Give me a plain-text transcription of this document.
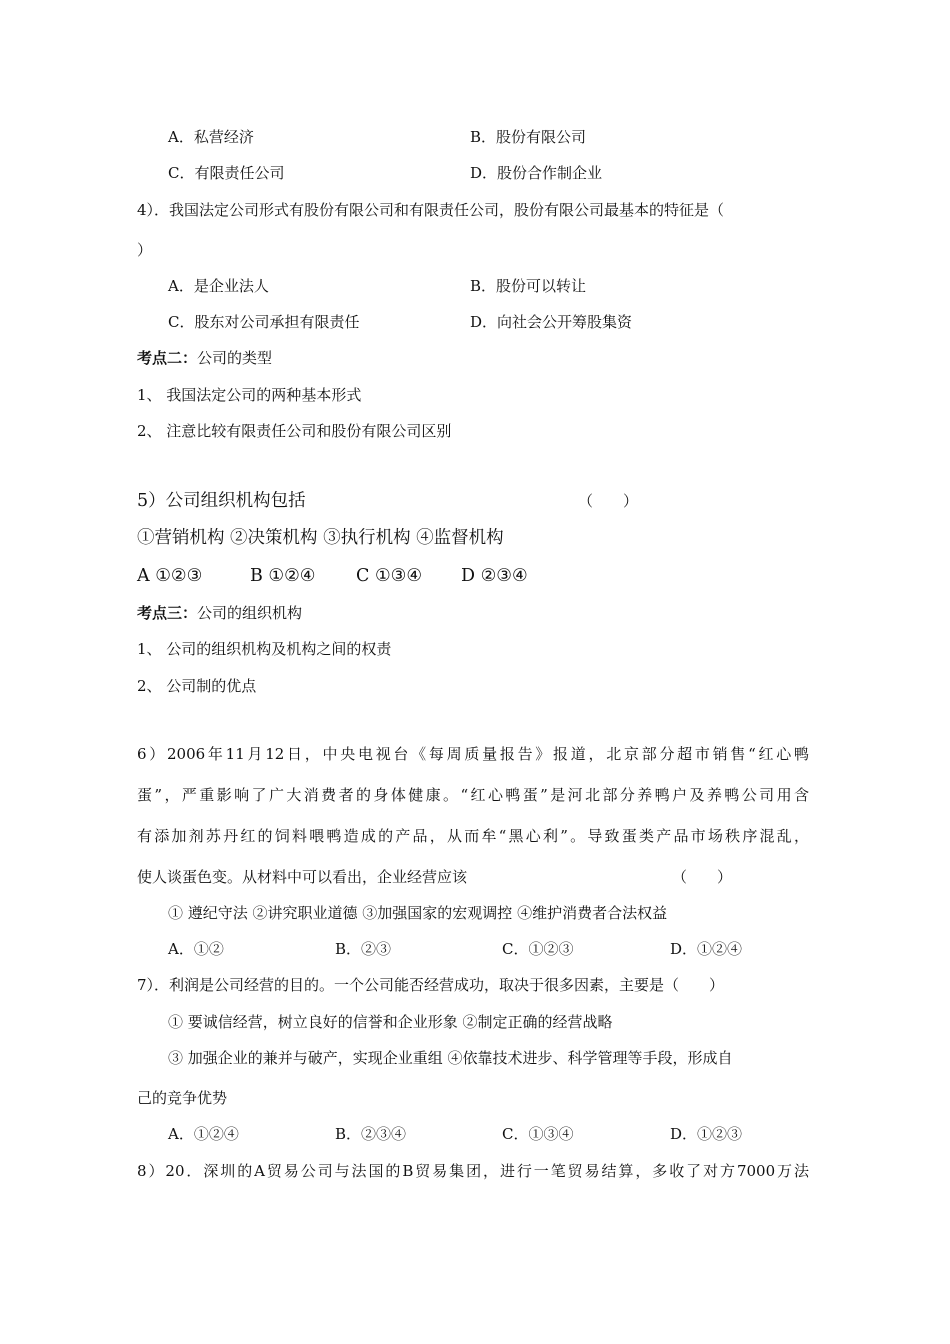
A．私营经济	B．股份有限公司
C．有限责任公司	D．股份合作制企业
4）．我国法定公司形式有股份有限公司和有限责任公司，股份有限公司最基本的特征是（
）
A．是企业法人	B．股份可以转让
C．股东对公司承担有限责任	D．向社会公开筹股集资
考点二：公司的类型
1、 我国法定公司的两种基本形式
2、 注意比较有限责任公司和股份有限公司区别
5）公司组织机构包括	（　　）
①营销机构 ②决策机构 ③执行机构 ④监督机构
A ①②③	B ①②④ C ①③④ D ②③④
考点三：公司的组织机构
1、 公司的组织机构及机构之间的权责
2、 公司制的优点
6）2006年11月12日，中央电视台《每周质量报告》报道，北京部分超市销售“红心鸭
蛋”，严重影响了广大消费者的身体健康。“红心鸭蛋”是河北部分养鸭户及养鸭公司用含
有添加剂苏丹红的饲料喂鸭造成的产品，从而牟“黑心利”。导致蛋类产品市场秩序混乱，
使人谈蛋色变。从材料中可以看出，企业经营应该	（　　）
① 遵纪守法 ②讲究职业道德 ③加强国家的宏观调控 ④维护消费者合法权益
A．①②	B．②③	C．①②③	D．①②④
7）．利润是公司经营的目的。一个公司能否经营成功，取决于很多因素，主要是（　　）
① 要诚信经营，树立良好的信誉和企业形象 ②制定正确的经营战略
③ 加强企业的兼并与破产，实现企业重组 ④依靠技术进步、科学管理等手段，形成自
己的竞争优势
A．①②④	B．②③④	C．①③④	D．①②③
8）20．深圳的A贸易公司与法国的B贸易集团，进行一笔贸易结算，多收了对方7000万法
